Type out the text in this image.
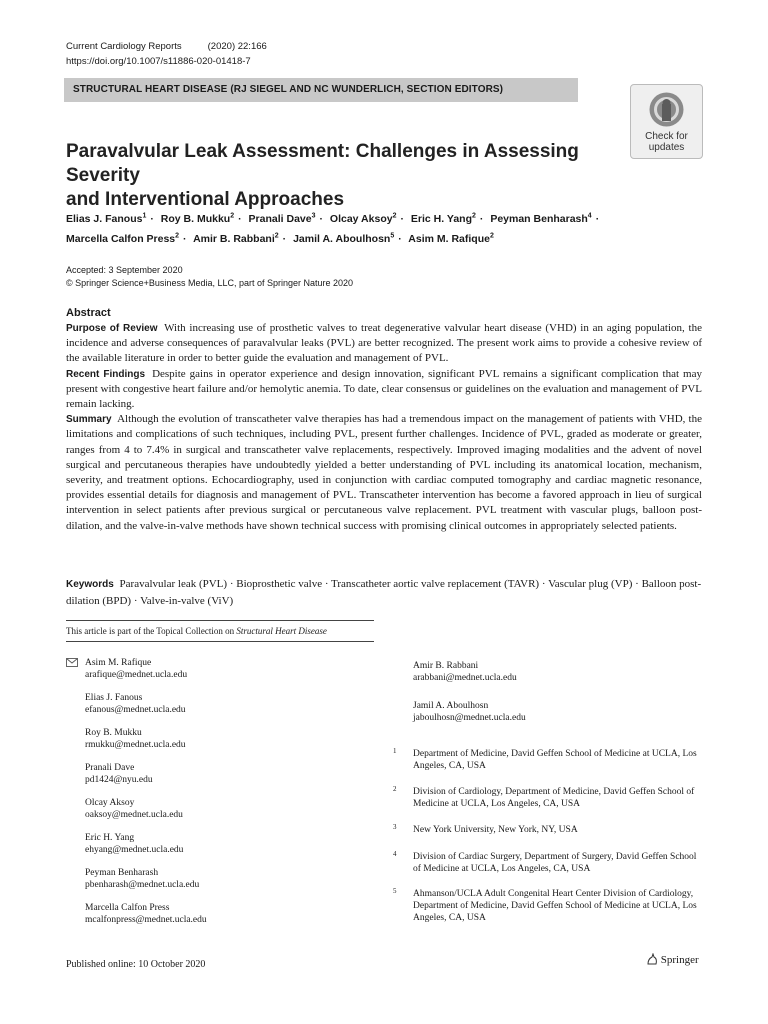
Current Cardiology Reports	(2020) 22:166
https://doi.org/10.1007/s11886-020-01418-7
STRUCTURAL HEART DISEASE (RJ SIEGEL AND NC WUNDERLICH, SECTION EDITORS)
Check for
updates
Paravalvular Leak Assessment: Challenges in Assessing Severity
and Interventional Approaches
Elias J. Fanous$^1$ · Roy B. Mukku$^2$ · Pranali Dave$^3$ · Olcay Aksoy$^2$ · Eric H. Yang$^2$ · Peyman Benharash$^4$ ·
Marcella Calfon Press$^2$ · Amir B. Rabbani$^2$ · Jamil A. Aboulhosn$^5$ · Asim M. Rafique$^2$
Accepted: 3 September 2020
© Springer Science+Business Media, LLC, part of Springer Nature 2020
Abstract

Purpose of Review With increasing use of prosthetic valves to treat degenerative valvular heart disease (VHD) in an aging population, the incidence and adverse consequences of paravalvular leaks (PVL) are better recognized. The present work aims to provide a cohesive review of the available literature in order to better guide the evaluation and management of PVL.

Recent Findings Despite gains in operator experience and design innovation, significant PVL remains a significant complication that may present with congestive heart failure and/or hemolytic anemia. To date, clear consensus or guidelines on the evaluation and management of PVL remain lacking.

Summary Although the evolution of transcatheter valve therapies has had a tremendous impact on the management of patients with VHD, the limitations and complications of such techniques, including PVL, present further challenges. Incidence of PVL, graded as moderate or greater, ranges from 4 to 7.4% in surgical and transcatheter valve replacements, respectively. Improved imaging modalities and the advent of novel surgical and percutaneous therapies have undoubtedly yielded a better understanding of PVL including its anatomical location, mechanism, severity, and treatment options. Echocardiography, used in conjunction with cardiac computed tomography and cardiac magnetic resonance, provides essential details for diagnosis and management of PVL. Transcatheter intervention has become a favored approach in lieu of surgical intervention in select patients after previous surgical or percutaneous valve replacement. PVL treatment with vascular plugs, balloon post-dilation, and the valve-in-valve methods have shown technical success with promising clinical outcomes in appropriately selected patients.

Keywords Paravalvular leak (PVL) · Bioprosthetic valve · Transcatheter aortic valve replacement (TAVR) · Vascular plug (VP) · Balloon post-dilation (BPD) · Valve-in-valve (ViV)
This article is part of the Topical Collection on Structural Heart Disease
Asim M. Rafique
arafique@mednet.ucla.edu
Elias J. Fanous
efanous@mednet.ucla.edu
Roy B. Mukku
rmukku@mednet.ucla.edu
Pranali Dave
pd1424@nyu.edu
Olcay Aksoy
oaksoy@mednet.ucla.edu
Eric H. Yang
ehyang@mednet.ucla.edu
Peyman Benharash
pbenharash@mednet.ucla.edu
Marcella Calfon Press
mcalfonpress@mednet.ucla.edu
Amir B. Rabbani
arabbani@mednet.ucla.edu
Jamil A. Aboulhosn
jaboulhosn@mednet.ucla.edu
1 Department of Medicine, David Geffen School of Medicine at UCLA, Los Angeles, CA, USA
2 Division of Cardiology, Department of Medicine, David Geffen School of Medicine at UCLA, Los Angeles, CA, USA
3 New York University, New York, NY, USA
4 Division of Cardiac Surgery, Department of Surgery, David Geffen School of Medicine at UCLA, Los Angeles, CA, USA
5 Ahmanson/UCLA Adult Congenital Heart Center Division of Cardiology, Department of Medicine, David Geffen School of Medicine at UCLA, Los Angeles, CA, USA
Published online: 10 October 2020	Springer
